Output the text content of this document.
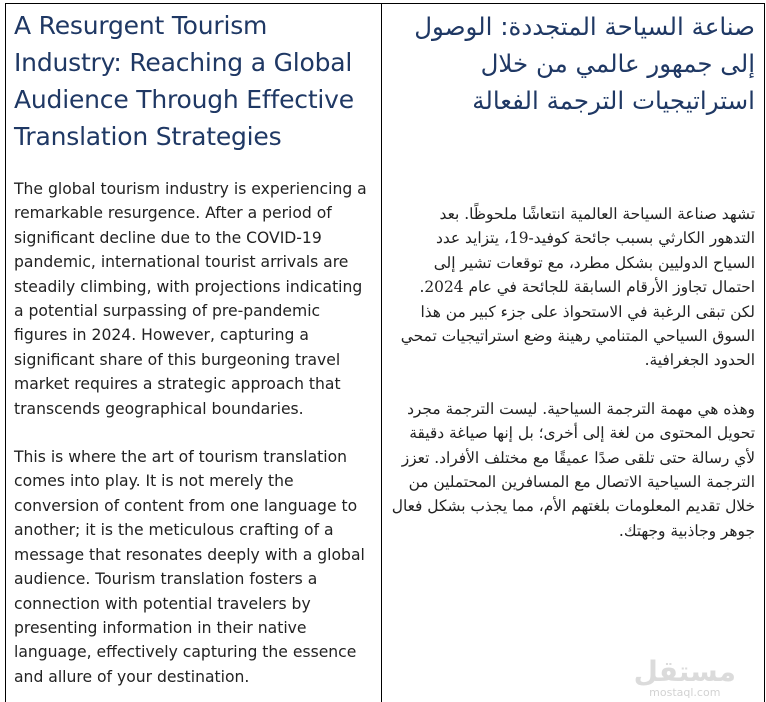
A Resurgent Tourism Industry: Reaching a Global Audience Through Effective Translation Strategies

The global tourism industry is experiencing a remarkable resurgence. After a period of significant decline due to the COVID-19 pandemic, international tourist arrivals are steadily climbing, with projections indicating a potential surpassing of pre-pandemic figures in 2024. However, capturing a significant share of this burgeoning travel market requires a strategic approach that transcends geographical boundaries.

This is where the art of tourism translation comes into play. It is not merely the conversion of content from one language to another; it is the meticulous crafting of a message that resonates deeply with a global audience. Tourism translation fosters a connection with potential travelers by presenting information in their native language, effectively capturing the essence and allure of your destination.

صناعة السياحة المتجددة: الوصول إلى جمهور عالمي من خلال استراتيجيات الترجمة الفعالة

تشهد صناعة السياحة العالمية انتعاشًا ملحوظًا. بعد التدهور الكارثي بسبب جائحة كوفيد-19، يتزايد عدد السياح الدوليين بشكل مطرد، مع توقعات تشير إلى احتمال تجاوز الأرقام السابقة للجائحة في عام 2024. لكن تبقى الرغبة في الاستحواذ على جزء كبير من هذا السوق السياحي المتنامي رهينة وضع استراتيجيات تمحي الحدود الجغرافية.

وهذه هي مهمة الترجمة السياحية. ليست الترجمة مجرد تحويل المحتوى من لغة إلى أخرى؛ بل إنها صياغة دقيقة لأي رسالة حتى تلقى صدًا عميقًا مع مختلف الأفراد. تعزز الترجمة السياحية الاتصال مع المسافرين المحتملين من خلال تقديم المعلومات بلغتهم الأم، مما يجذب بشكل فعال جوهر وجاذبية وجهتك.

مستقل
mostaql.com
